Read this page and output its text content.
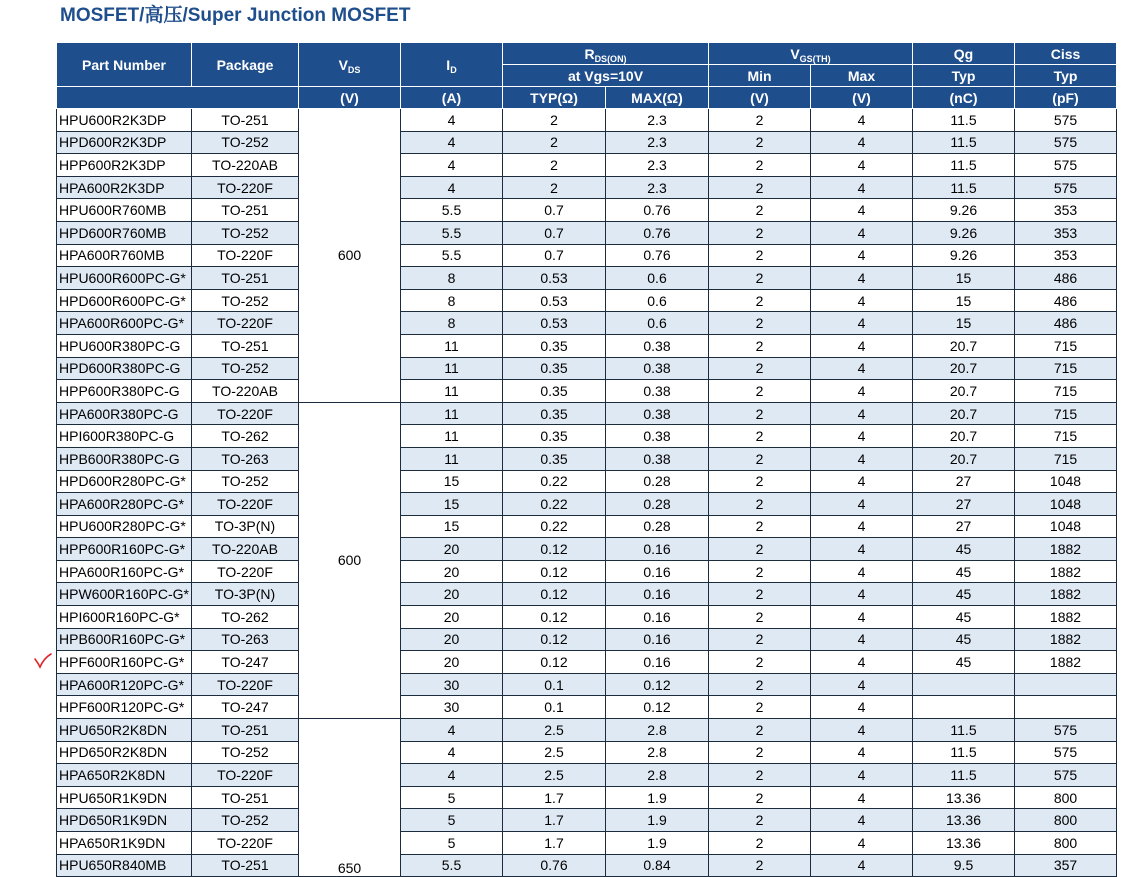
MOSFET/高压/Super Junction MOSFET
Part Number	Package	$V_{DS}$	$I_D$	$R_{DS(ON)}$		$V_{GS(TH)}$		Qg	Ciss
				at Vgs=10V		Min	Max	Typ	Typ
		(V)	(A)	TYP(Ω)	MAX(Ω)	(V)	(V)	(nC)	(pF)
HPU600R2K3DP	TO-251	600	4	2	2.3	2	4	11.5	575
HPD600R2K3DP	TO-252		4	2	2.3	2	4	11.5	575
HPP600R2K3DP	TO-220AB		4	2	2.3	2	4	11.5	575
HPA600R2K3DP	TO-220F		4	2	2.3	2	4	11.5	575
HPU600R760MB	TO-251		5.5	0.7	0.76	2	4	9.26	353
HPD600R760MB	TO-252		5.5	0.7	0.76	2	4	9.26	353
HPA600R760MB	TO-220F		5.5	0.7	0.76	2	4	9.26	353
HPU600R600PC-G*	TO-251		8	0.53	0.6	2	4	15	486
HPD600R600PC-G*	TO-252		8	0.53	0.6	2	4	15	486
HPA600R600PC-G*	TO-220F		8	0.53	0.6	2	4	15	486
HPU600R380PC-G	TO-251		11	0.35	0.38	2	4	20.7	715
HPD600R380PC-G	TO-252		11	0.35	0.38	2	4	20.7	715
HPP600R380PC-G	TO-220AB		11	0.35	0.38	2	4	20.7	715
HPA600R380PC-G	TO-220F	600	11	0.35	0.38	2	4	20.7	715
HPI600R380PC-G	TO-262		11	0.35	0.38	2	4	20.7	715
HPB600R380PC-G	TO-263		11	0.35	0.38	2	4	20.7	715
HPD600R280PC-G*	TO-252		15	0.22	0.28	2	4	27	1048
HPA600R280PC-G*	TO-220F		15	0.22	0.28	2	4	27	1048
HPU600R280PC-G*	TO-3P(N)		15	0.22	0.28	2	4	27	1048
HPP600R160PC-G*	TO-220AB		20	0.12	0.16	2	4	45	1882
HPA600R160PC-G*	TO-220F		20	0.12	0.16	2	4	45	1882
HPW600R160PC-G*	TO-3P(N)		20	0.12	0.16	2	4	45	1882
HPI600R160PC-G*	TO-262		20	0.12	0.16	2	4	45	1882
HPB600R160PC-G*	TO-263		20	0.12	0.16	2	4	45	1882
HPF600R160PC-G*	TO-247		20	0.12	0.16	2	4	45	1882
HPA600R120PC-G*	TO-220F		30	0.1	0.12	2	4		
HPF600R120PC-G*	TO-247		30	0.1	0.12	2	4		
HPU650R2K8DN	TO-251	650	4	2.5	2.8	2	4	11.5	575
HPD650R2K8DN	TO-252		4	2.5	2.8	2	4	11.5	575
HPA650R2K8DN	TO-220F		4	2.5	2.8	2	4	11.5	575
HPU650R1K9DN	TO-251		5	1.7	1.9	2	4	13.36	800
HPD650R1K9DN	TO-252		5	1.7	1.9	2	4	13.36	800
HPA650R1K9DN	TO-220F		5	1.7	1.9	2	4	13.36	800
HPU650R840MB	TO-251		5.5	0.76	0.84	2	4	9.5	357
